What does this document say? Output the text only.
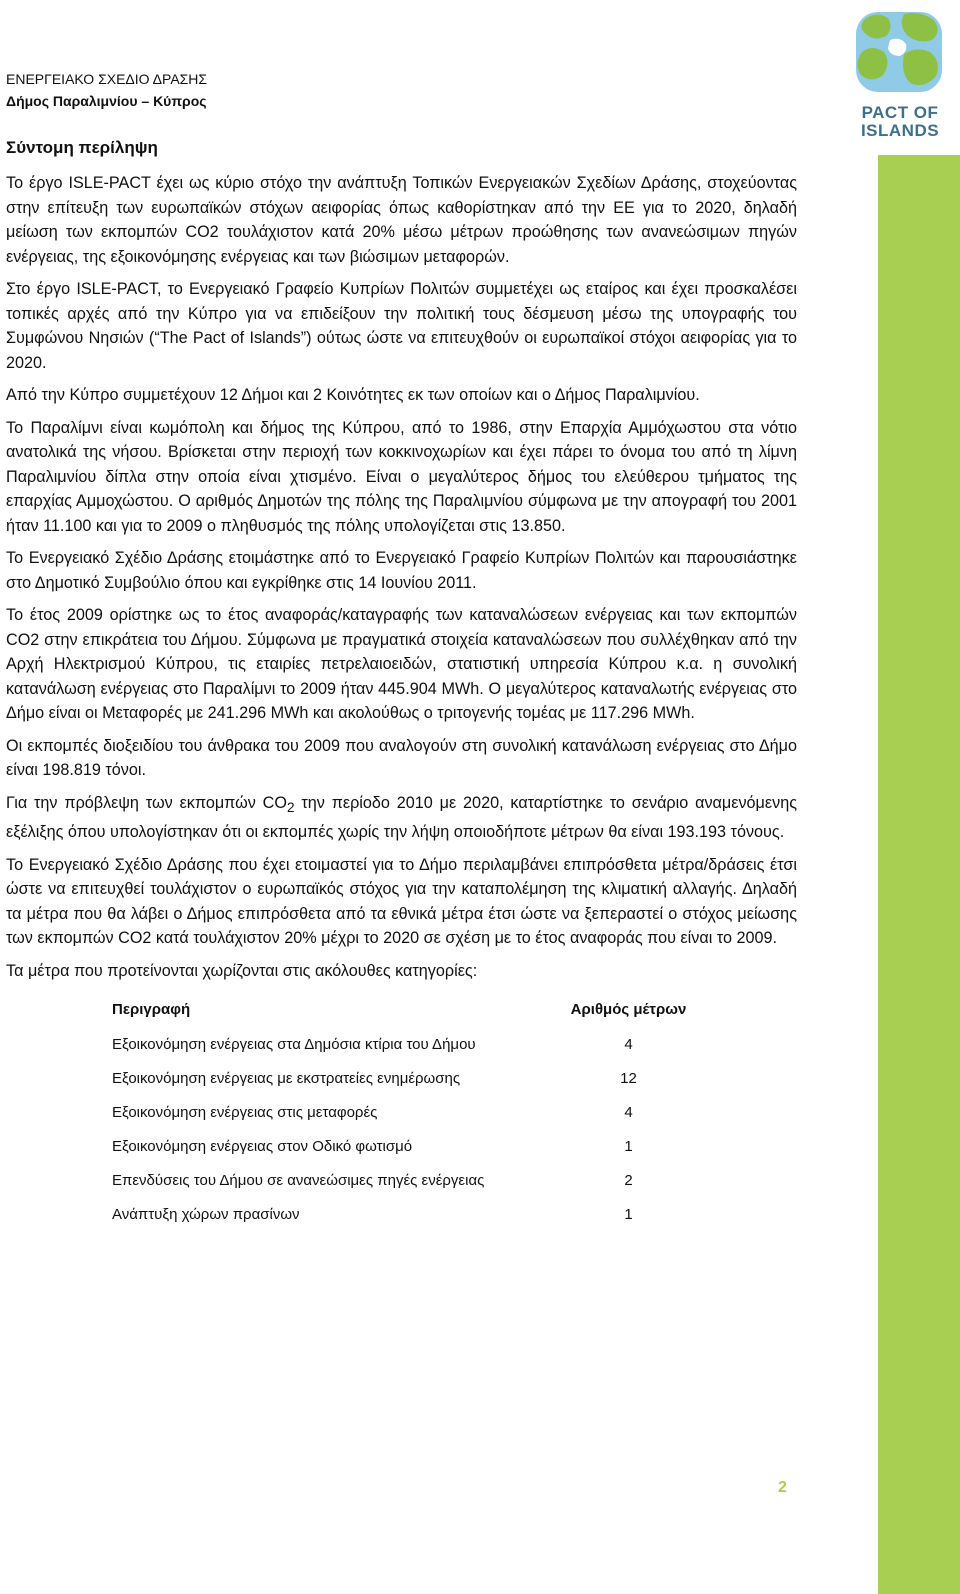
PACT OF
ISLANDS
ΕΝΕΡΓΕΙΑΚΟ ΣΧΕΔΙΟ ΔΡΑΣΗΣ
Δήμος Παραλιμνίου – Κύπρος
Σύντομη περίληψη

Το έργο ISLE-PACT έχει ως κύριο στόχο την ανάπτυξη Τοπικών Ενεργειακών Σχεδίων Δράσης, στοχεύοντας στην επίτευξη των ευρωπαϊκών στόχων αειφορίας όπως καθορίστηκαν από την ΕΕ για το 2020, δηλαδή μείωση των εκπομπών CO2 τουλάχιστον κατά 20% μέσω μέτρων προώθησης των ανανεώσιμων πηγών ενέργειας, της εξοικονόμησης ενέργειας και των βιώσιμων μεταφορών.

Στο έργο ISLE-PACT, το Ενεργειακό Γραφείο Κυπρίων Πολιτών συμμετέχει ως εταίρος και έχει προσκαλέσει τοπικές αρχές από την Κύπρο για να επιδείξουν την πολιτική τους δέσμευση μέσω της υπογραφής του Συμφώνου Νησιών (“The Pact of Islands”) ούτως ώστε να επιτευχθούν οι ευρωπαϊκοί στόχοι αειφορίας για το 2020.

Από την Κύπρο συμμετέχουν 12 Δήμοι και 2 Κοινότητες εκ των οποίων και ο Δήμος Παραλιμνίου.

Το Παραλίμνι είναι κωμόπολη και δήμος της Κύπρου, από το 1986, στην Επαρχία Αμμόχωστου στα νότιο ανατολικά της νήσου. Βρίσκεται στην περιοχή των κοκκινοχωρίων και έχει πάρει το όνομα του από τη λίμνη Παραλιμνίου δίπλα στην οποία είναι χτισμένο. Είναι ο μεγαλύτερος δήμος του ελεύθερου τμήματος της επαρχίας Αμμοχώστου. Ο αριθμός Δημοτών της πόλης της Παραλιμνίου σύμφωνα με την απογραφή του 2001 ήταν 11.100 και για το 2009 ο πληθυσμός της πόλης υπολογίζεται στις 13.850.

Το Ενεργειακό Σχέδιο Δράσης ετοιμάστηκε από το Ενεργειακό Γραφείο Κυπρίων Πολιτών και παρουσιάστηκε στο Δημοτικό Συμβούλιο όπου και εγκρίθηκε στις 14 Ιουνίου 2011.

Το έτος 2009 ορίστηκε ως το έτος αναφοράς/καταγραφής των καταναλώσεων ενέργειας και των εκπομπών CO2 στην επικράτεια του Δήμου. Σύμφωνα με πραγματικά στοιχεία καταναλώσεων που συλλέχθηκαν από την Αρχή Ηλεκτρισμού Κύπρου, τις εταιρίες πετρελαιοειδών, στατιστική υπηρεσία Κύπρου κ.α. η συνολική κατανάλωση ενέργειας στο Παραλίμνι το 2009 ήταν 445.904 MWh. Ο μεγαλύτερος καταναλωτής ενέργειας στο Δήμο είναι οι Μεταφορές με 241.296 MWh και ακολούθως ο τριτογενής τομέας με 117.296 MWh.

Οι εκπομπές διοξειδίου του άνθρακα του 2009 που αναλογούν στη συνολική κατανάλωση ενέργειας στο Δήμο είναι 198.819 τόνοι.

Για την πρόβλεψη των εκπομπών $CO_2$ την περίοδο 2010 με 2020, καταρτίστηκε το σενάριο αναμενόμενης εξέλιξης όπου υπολογίστηκαν ότι οι εκπομπές χωρίς την λήψη οποιοδήποτε μέτρων θα είναι 193.193 τόνους.

Το Ενεργειακό Σχέδιο Δράσης που έχει ετοιμαστεί για το Δήμο περιλαμβάνει επιπρόσθετα μέτρα/δράσεις έτσι ώστε να επιτευχθεί τουλάχιστον ο ευρωπαϊκός στόχος για την καταπολέμηση της κλιματική αλλαγής. Δηλαδή τα μέτρα που θα λάβει ο Δήμος επιπρόσθετα από τα εθνικά μέτρα έτσι ώστε να ξεπεραστεί ο στόχος μείωσης των εκπομπών CO2 κατά τουλάχιστον 20% μέχρι το 2020 σε σχέση με το έτος αναφοράς που είναι το 2009.

Τα μέτρα που προτείνονται χωρίζονται στις ακόλουθες κατηγορίες:

Περιγραφή	Αριθμός μέτρων
Εξοικονόμηση ενέργειας στα Δημόσια κτίρια του Δήμου	4
Εξοικονόμηση ενέργειας με εκστρατείες ενημέρωσης	12
Εξοικονόμηση ενέργειας στις μεταφορές	4
Εξοικονόμηση ενέργειας στον Οδικό φωτισμό	1
Επενδύσεις του Δήμου σε ανανεώσιμες πηγές ενέργειας	2
Ανάπτυξη χώρων πρασίνων	1
2
